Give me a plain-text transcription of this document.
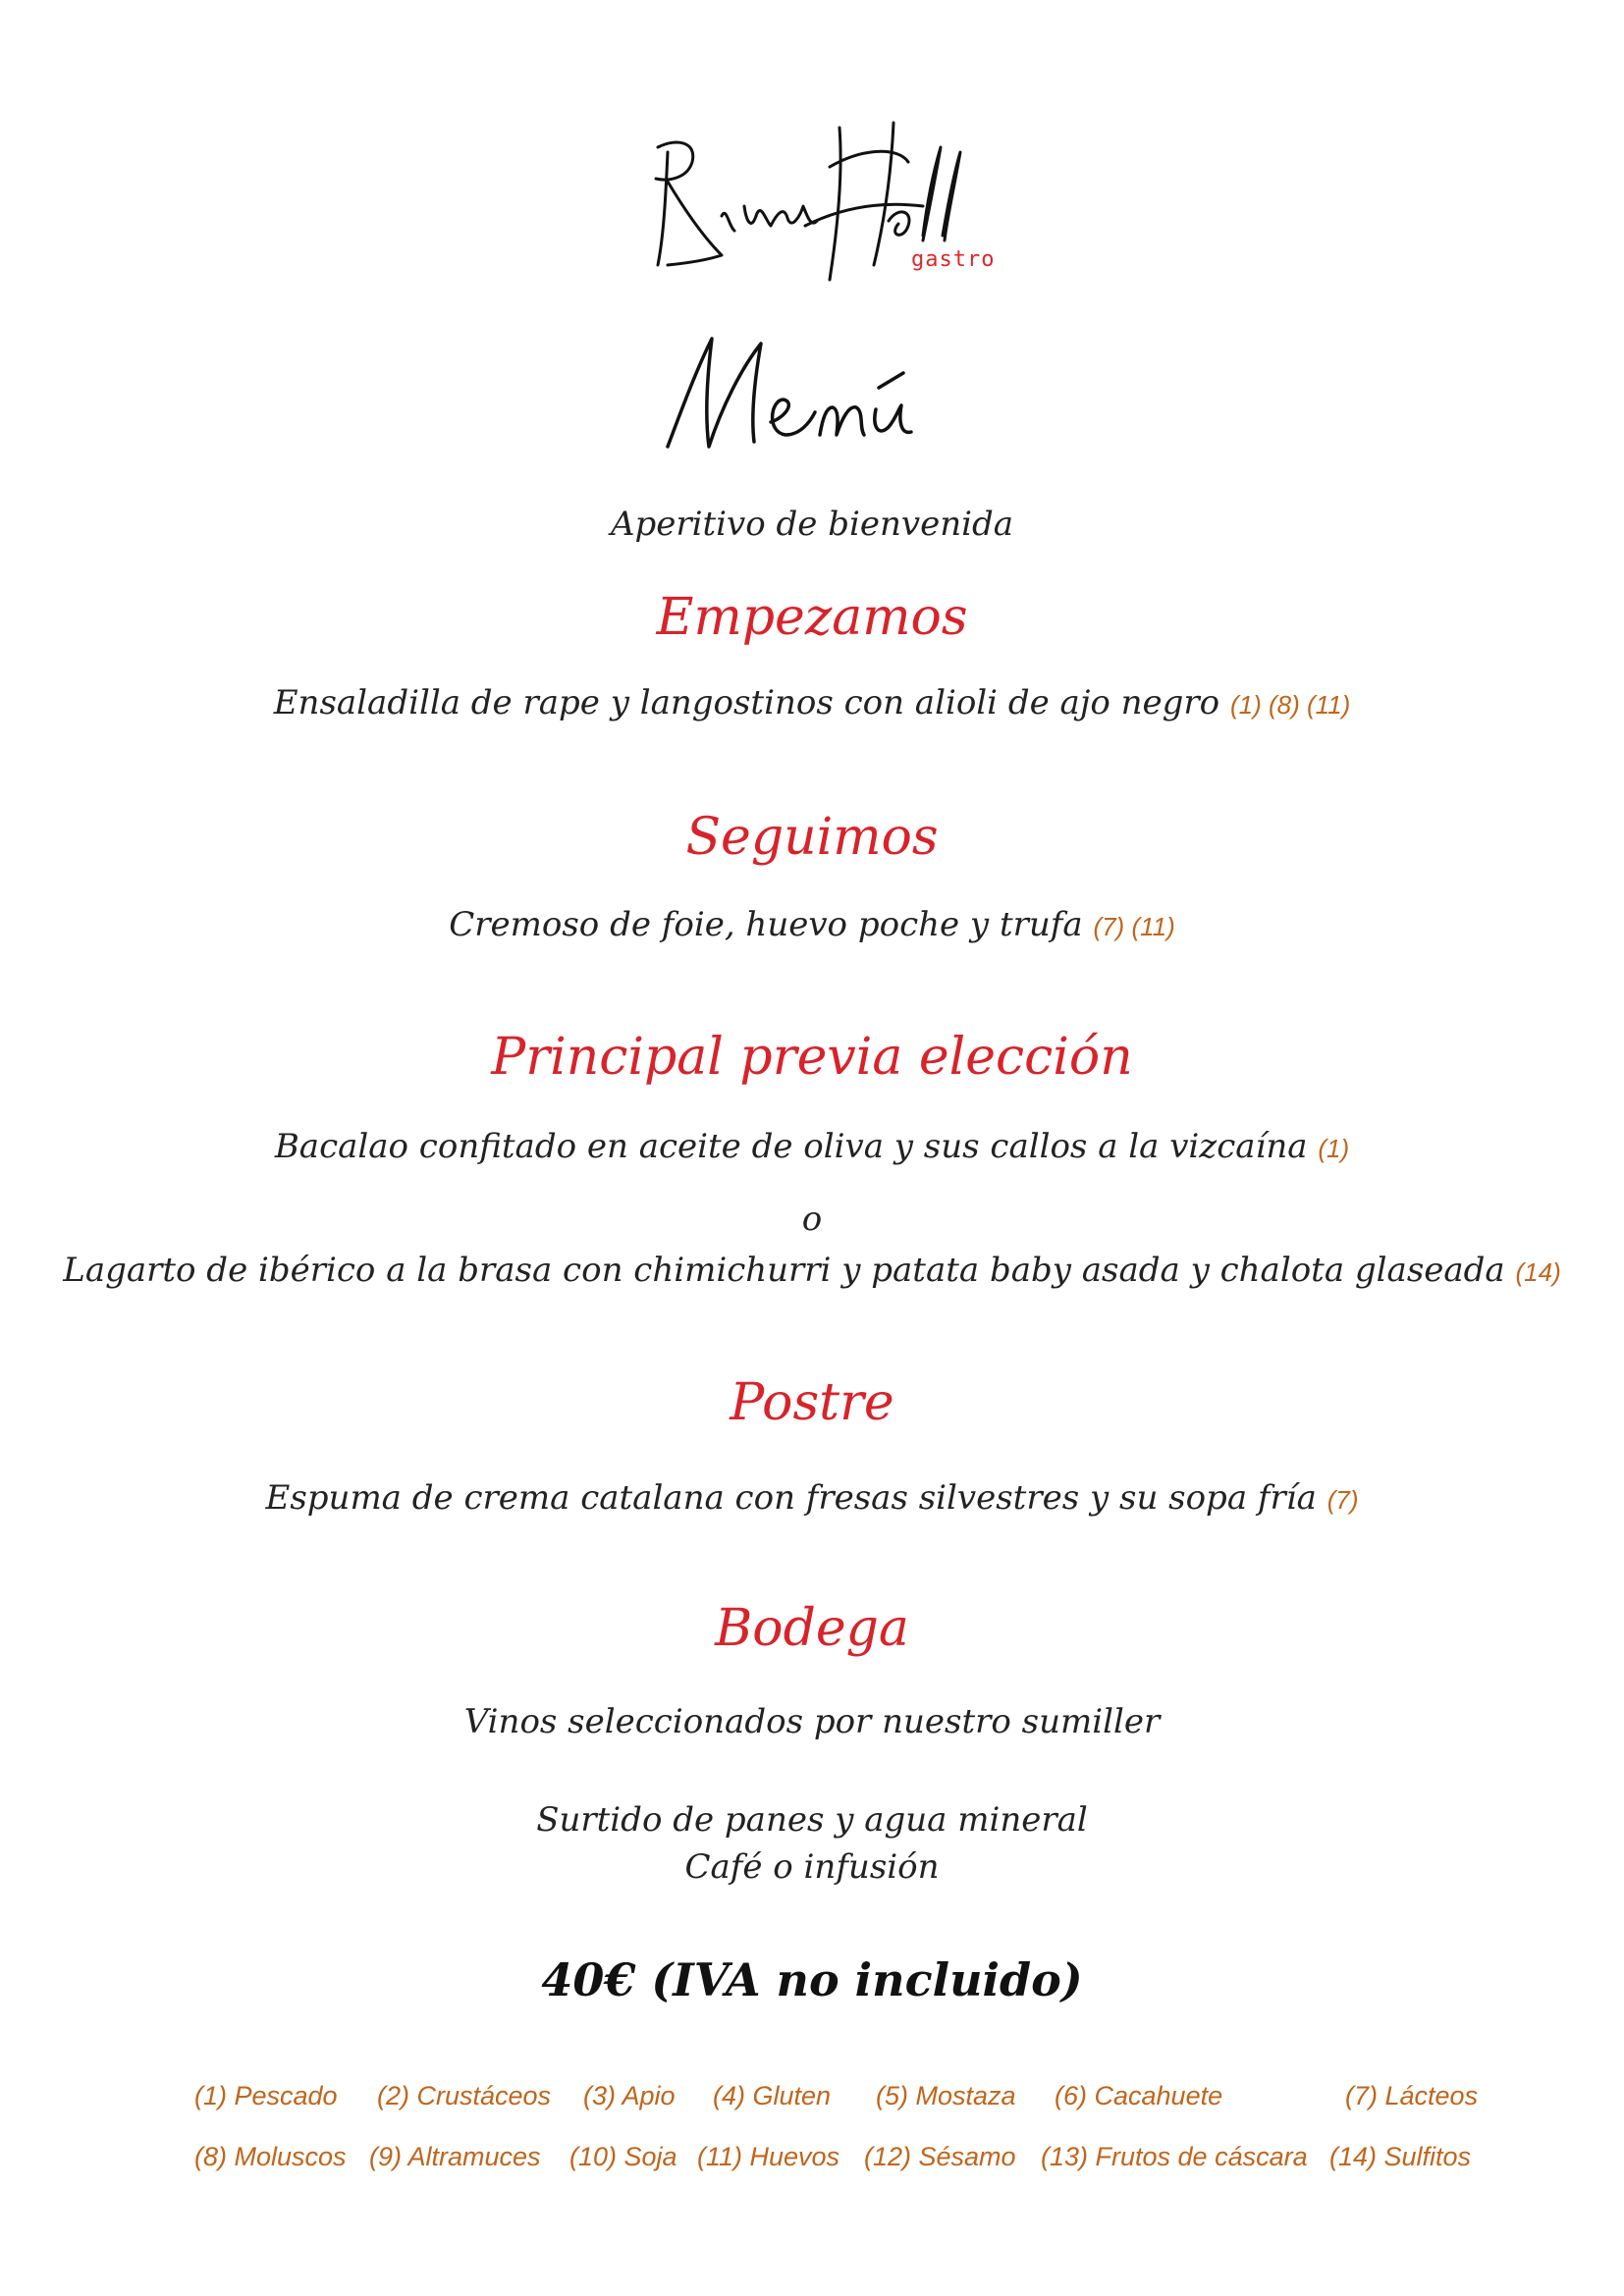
gastro
Menú
Aperitivo de bienvenida
Empezamos
Ensaladilla de rape y langostinos con alioli de ajo negro (1) (8) (11)
Seguimos
Cremoso de foie, huevo poche y trufa (7) (11)
Principal previa elección
Bacalao confitado en aceite de oliva y sus callos a la vizcaína (1)
o
Lagarto de ibérico a la brasa con chimichurri y patata baby asada y chalota glaseada (14)
Postre
Espuma de crema catalana con fresas silvestres y su sopa fría (7)
Bodega
Vinos seleccionados por nuestro sumiller
Surtido de panes y agua mineral
Café o infusión
40€ (IVA no incluido)
(1) Pescado (2) Crustáceos (3) Apio (4) Gluten (5) Mostaza (6) Cacahuete	(7) Lácteos
(8) Moluscos (9) Altramuces (10) Soja (11) Huevos (12) Sésamo (13) Frutos de cáscara (14) Sulfitos
